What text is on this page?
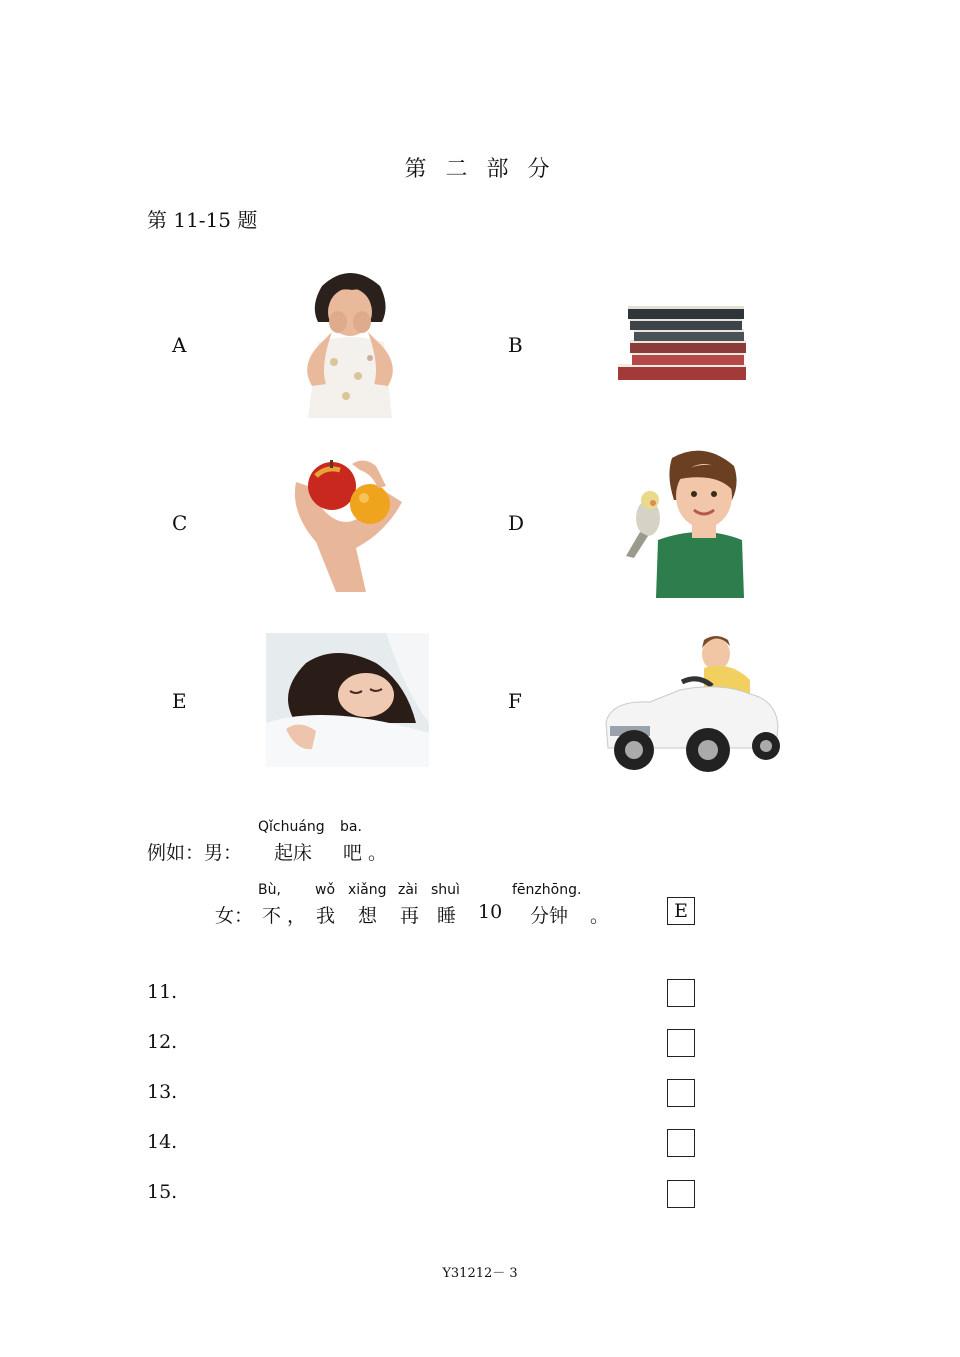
第 二 部 分
第 11-15 题
A	B
C	D
E	F
例如：男：
Qǐchuáng
起床
ba.
吧 。
女：
Bù,
不 ，
wǒ
我
xiǎng
想
zài
再
shuì
睡 10
fēnzhōng.
分钟 。	E
11.
12.
13.
14.
15.
Y31212－ 3
